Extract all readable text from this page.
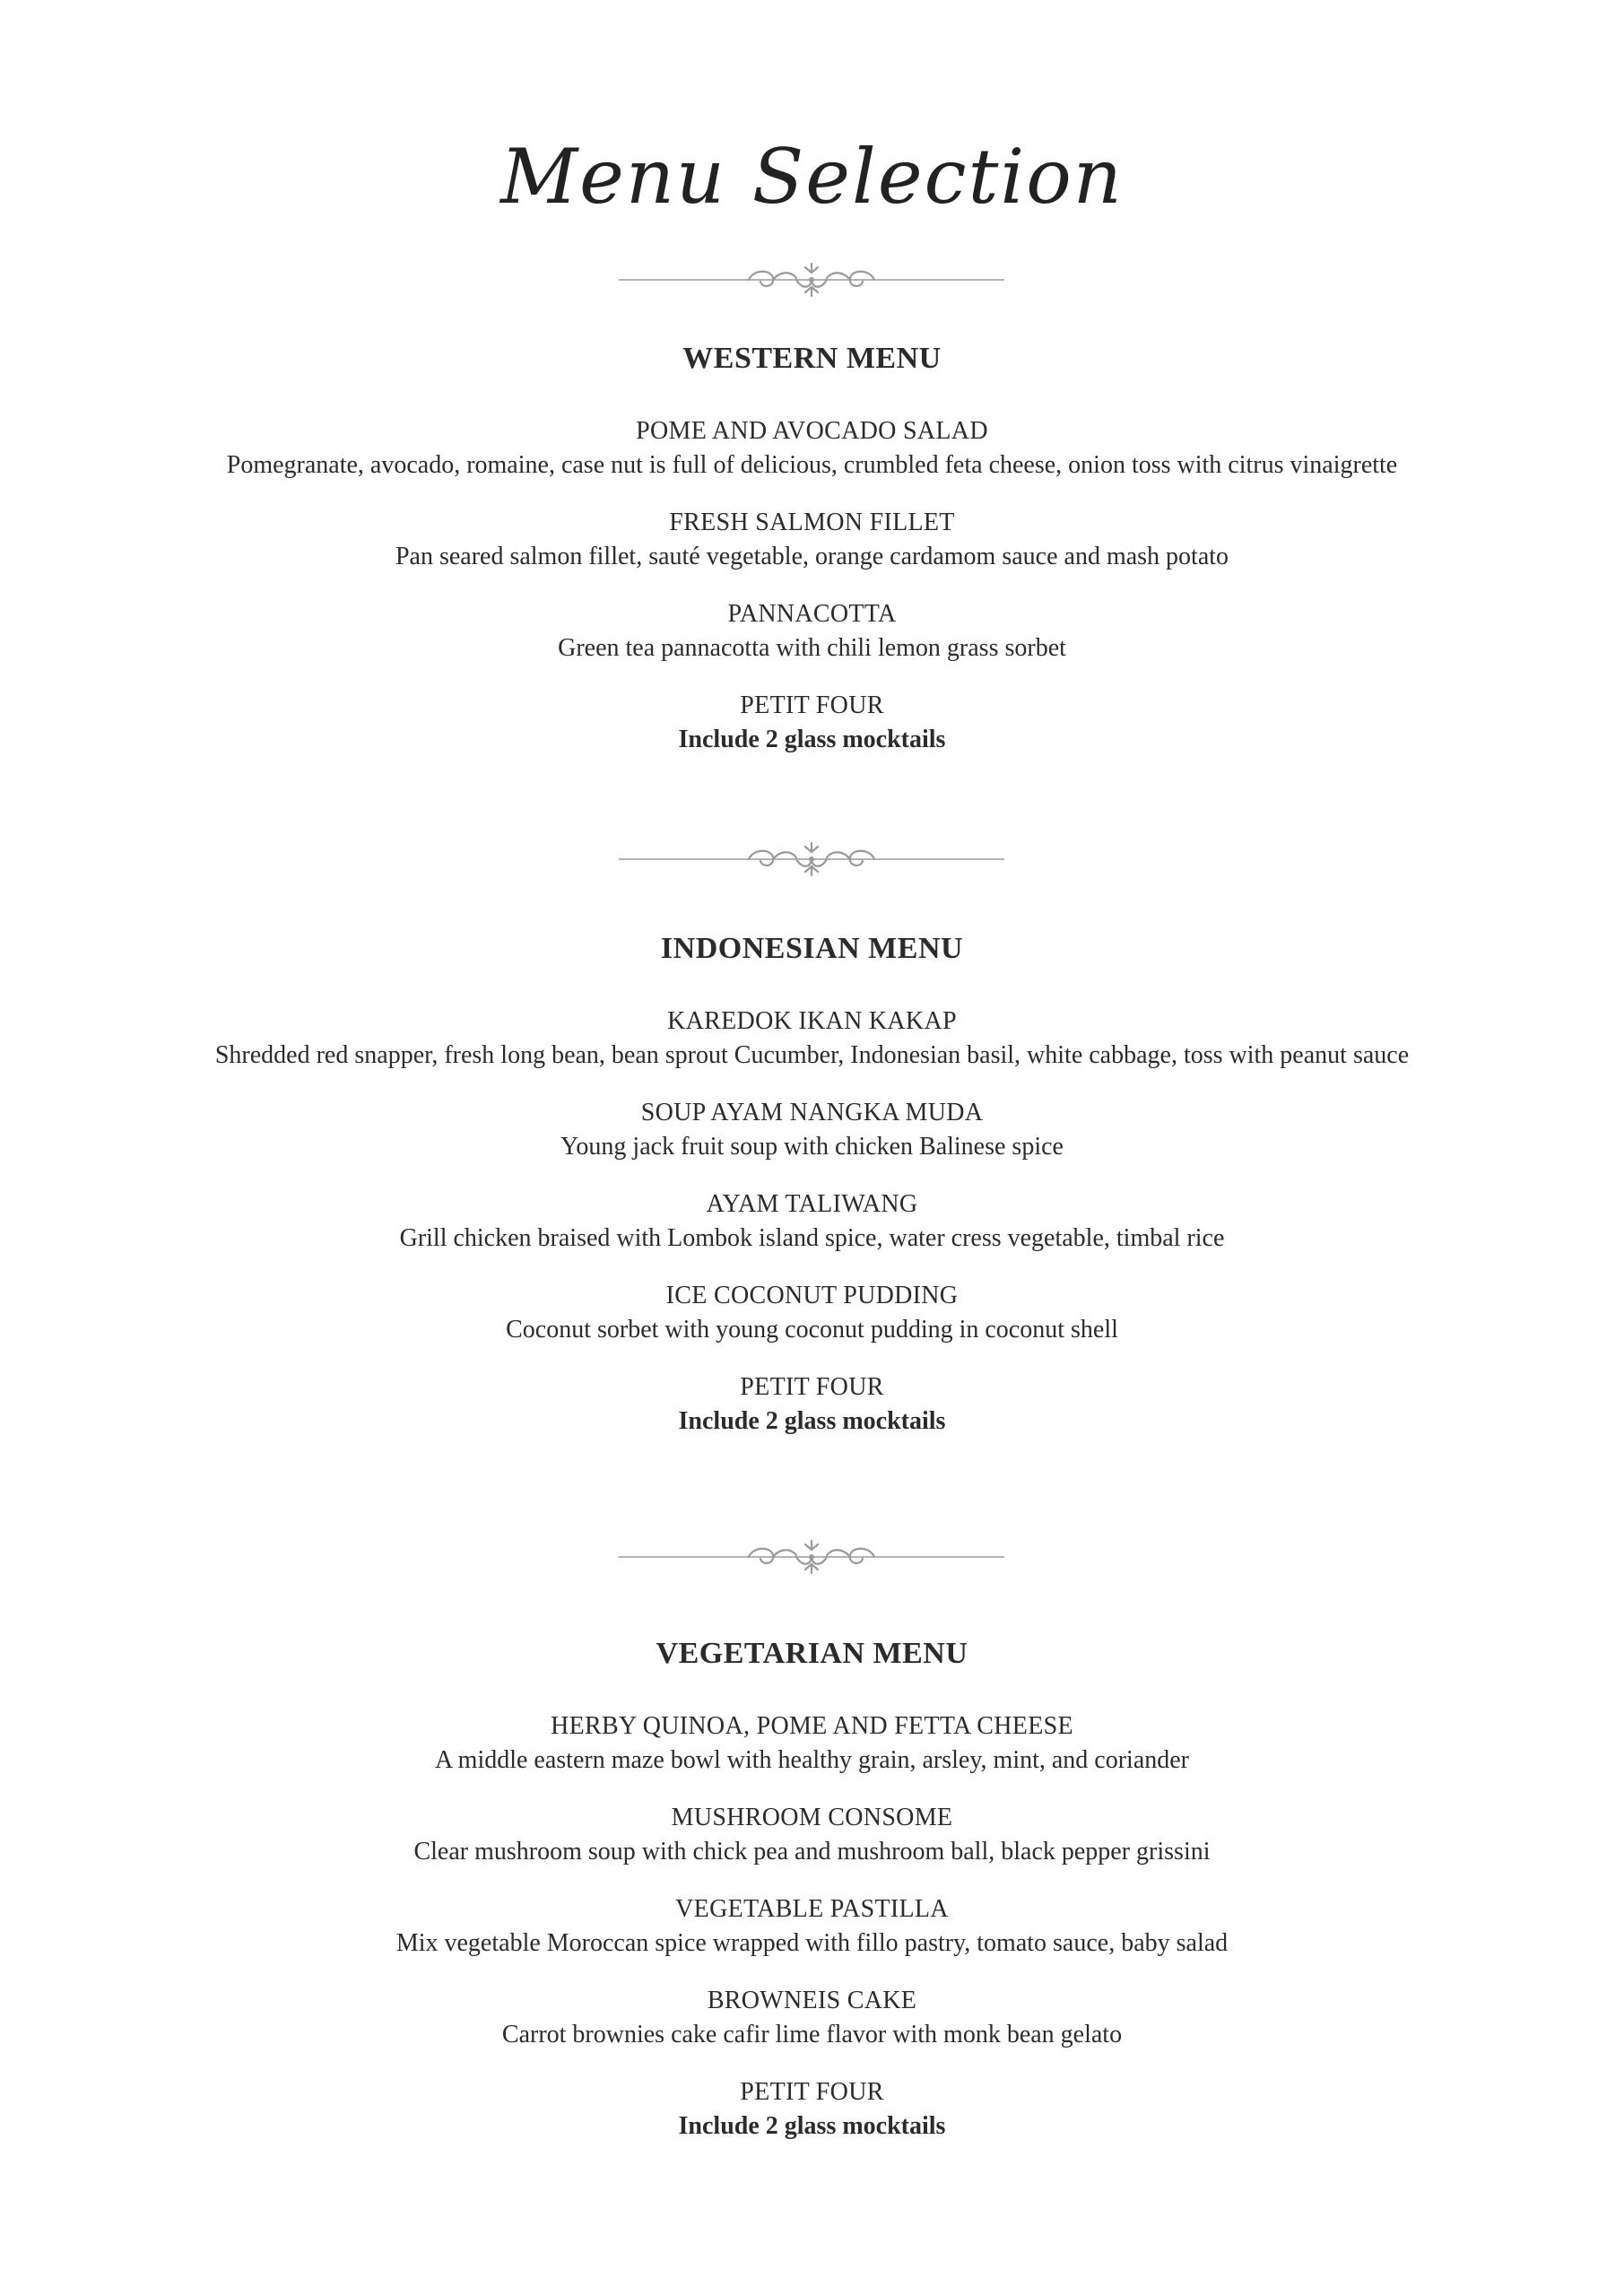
Menu Selection
WESTERN MENU
POME AND AVOCADO SALAD
Pomegranate, avocado, romaine, case nut is full of delicious, crumbled feta cheese, onion toss with citrus vinaigrette
FRESH SALMON FILLET
Pan seared salmon fillet, sauté vegetable, orange cardamom sauce and mash potato
PANNACOTTA
Green tea pannacotta with chili lemon grass sorbet
PETIT FOUR
Include 2 glass mocktails
INDONESIAN MENU
KAREDOK IKAN KAKAP
Shredded red snapper, fresh long bean, bean sprout Cucumber, Indonesian basil, white cabbage, toss with peanut sauce
SOUP AYAM NANGKA MUDA
Young jack fruit soup with chicken Balinese spice
AYAM TALIWANG
Grill chicken braised with Lombok island spice, water cress vegetable, timbal rice
ICE COCONUT PUDDING
Coconut sorbet with young coconut pudding in coconut shell
PETIT FOUR
Include 2 glass mocktails
VEGETARIAN MENU
HERBY QUINOA, POME AND FETTA CHEESE
A middle eastern maze bowl with healthy grain, arsley, mint, and coriander
MUSHROOM CONSOME
Clear mushroom soup with chick pea and mushroom ball, black pepper grissini
VEGETABLE PASTILLA
Mix vegetable Moroccan spice wrapped with fillo pastry, tomato sauce, baby salad
BROWNEIS CAKE
Carrot brownies cake cafir lime flavor with monk bean gelato
PETIT FOUR
Include 2 glass mocktails
